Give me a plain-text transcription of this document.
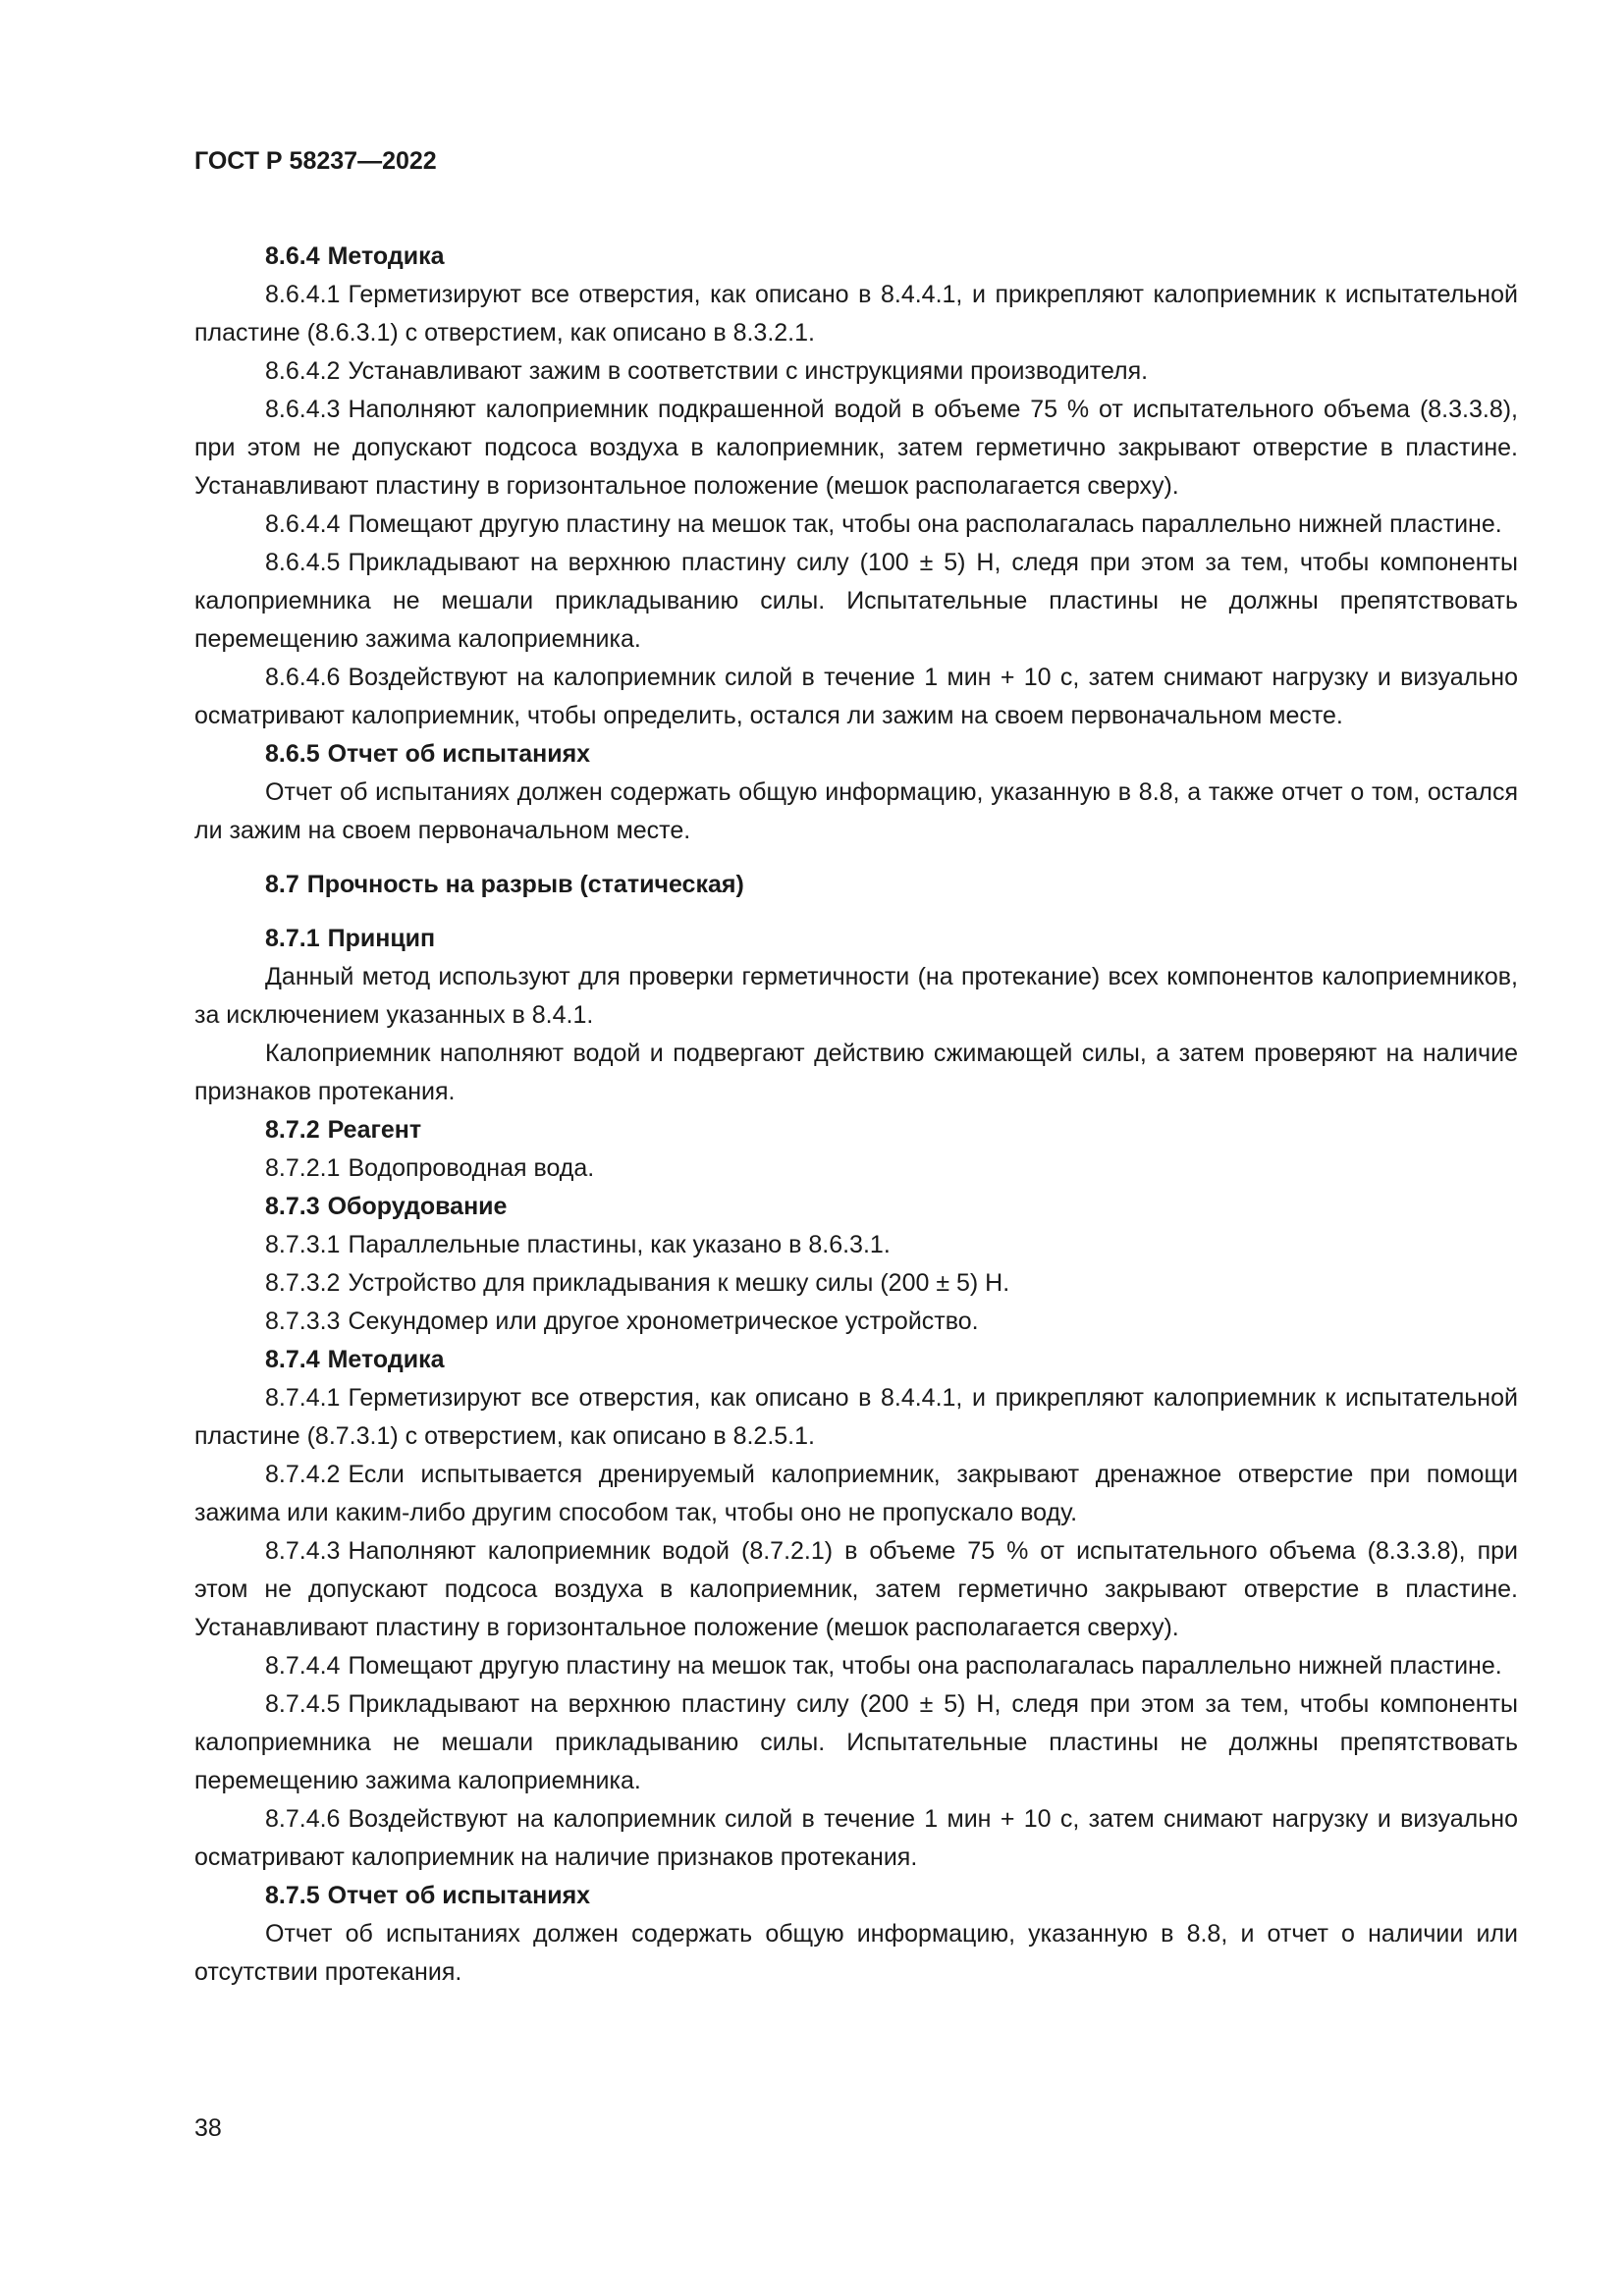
ГОСТ Р 58237—2022

8.6.4 Методика

8.6.4.1 Герметизируют все отверстия, как описано в 8.4.4.1, и прикрепляют калоприемник к испытательной пластине (8.6.3.1) с отверстием, как описано в 8.3.2.1.

8.6.4.2 Устанавливают зажим в соответствии с инструкциями производителя.

8.6.4.3 Наполняют калоприемник подкрашенной водой в объеме 75 % от испытательного объема (8.3.3.8), при этом не допускают подсоса воздуха в калоприемник, затем герметично закрывают отверстие в пластине. Устанавливают пластину в горизонтальное положение (мешок располагается сверху).

8.6.4.4 Помещают другую пластину на мешок так, чтобы она располагалась параллельно нижней пластине.

8.6.4.5 Прикладывают на верхнюю пластину силу (100 ± 5) Н, следя при этом за тем, чтобы компоненты калоприемника не мешали прикладыванию силы. Испытательные пластины не должны препятствовать перемещению зажима калоприемника.

8.6.4.6 Воздействуют на калоприемник силой в течение 1 мин + 10 с, затем снимают нагрузку и визуально осматривают калоприемник, чтобы определить, остался ли зажим на своем первоначальном месте.

8.6.5 Отчет об испытаниях

Отчет об испытаниях должен содержать общую информацию, указанную в 8.8, а также отчет о том, остался ли зажим на своем первоначальном месте.

8.7 Прочность на разрыв (статическая)

8.7.1 Принцип

Данный метод используют для проверки герметичности (на протекание) всех компонентов калоприемников, за исключением указанных в 8.4.1.

Калоприемник наполняют водой и подвергают действию сжимающей силы, а затем проверяют на наличие признаков протекания.

8.7.2 Реагент

8.7.2.1 Водопроводная вода.

8.7.3 Оборудование

8.7.3.1 Параллельные пластины, как указано в 8.6.3.1.

8.7.3.2 Устройство для прикладывания к мешку силы (200 ± 5) Н.

8.7.3.3 Секундомер или другое хронометрическое устройство.

8.7.4 Методика

8.7.4.1 Герметизируют все отверстия, как описано в 8.4.4.1, и прикрепляют калоприемник к испытательной пластине (8.7.3.1) с отверстием, как описано в 8.2.5.1.

8.7.4.2 Если испытывается дренируемый калоприемник, закрывают дренажное отверстие при помощи зажима или каким-либо другим способом так, чтобы оно не пропускало воду.

8.7.4.3 Наполняют калоприемник водой (8.7.2.1) в объеме 75 % от испытательного объема (8.3.3.8), при этом не допускают подсоса воздуха в калоприемник, затем герметично закрывают отверстие в пластине. Устанавливают пластину в горизонтальное положение (мешок располагается сверху).

8.7.4.4 Помещают другую пластину на мешок так, чтобы она располагалась параллельно нижней пластине.

8.7.4.5 Прикладывают на верхнюю пластину силу (200 ± 5) Н, следя при этом за тем, чтобы компоненты калоприемника не мешали прикладыванию силы. Испытательные пластины не должны препятствовать перемещению зажима калоприемника.

8.7.4.6 Воздействуют на калоприемник силой в течение 1 мин + 10 с, затем снимают нагрузку и визуально осматривают калоприемник на наличие признаков протекания.

8.7.5 Отчет об испытаниях

Отчет об испытаниях должен содержать общую информацию, указанную в 8.8, и отчет о наличии или отсутствии протекания.

38
